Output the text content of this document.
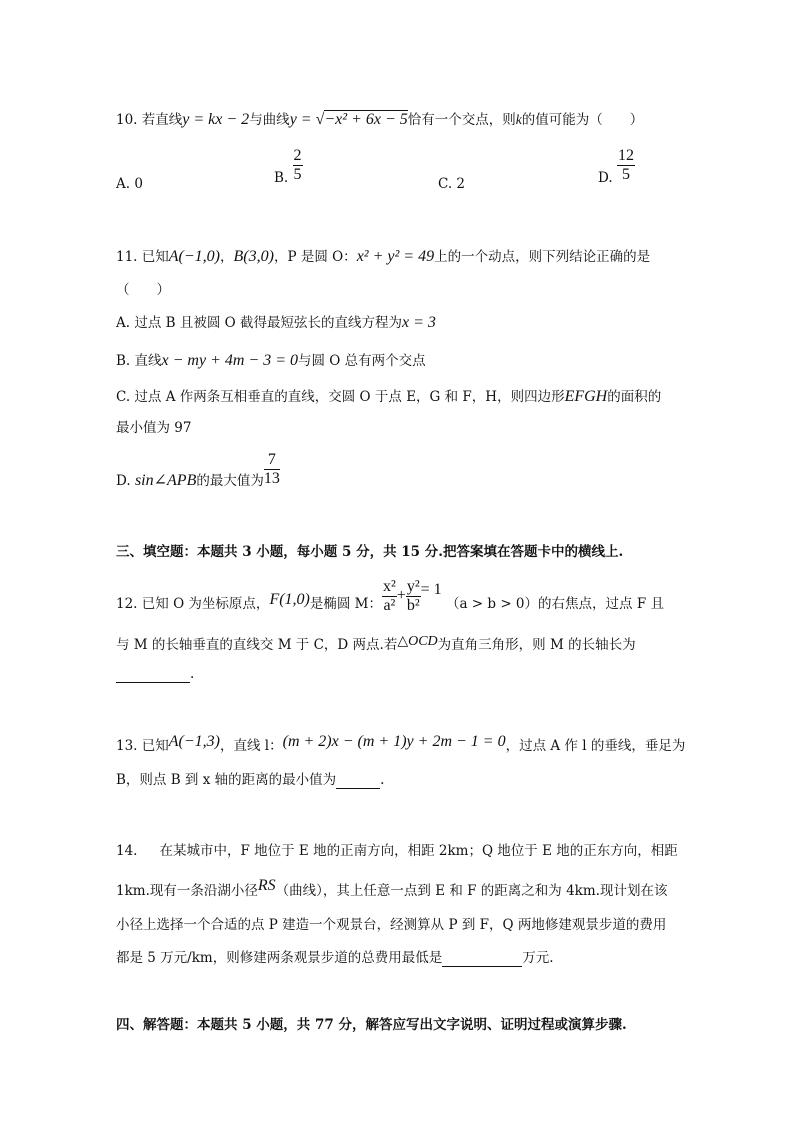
10. 若直线y = kx − 2与曲线y = √−x² + 6x − 5恰有一个交点，则k的值可能为（　　）
A. 0	B. $\frac{2}{5}$	C. 2	D. $\frac{12}{5}$
11. 已知A(−1,0)，B(3,0)，P 是圆 O：x² + y² = 49上的一个动点，则下列结论正确的是
（　　）
A. 过点 B 且被圆 O 截得最短弦长的直线方程为x = 3
B. 直线x − my + 4m − 3 = 0与圆 O 总有两个交点
C. 过点 A 作两条互相垂直的直线，交圆 O 于点 E，G 和 F，H，则四边形EFGH的面积的
最小值为 97
D. sin∠APB的最大值为 $\frac{7}{13}$
三、填空题：本题共 3 小题，每小题 5 分，共 15 分.把答案填在答题卡中的横线上.
12. 已知 O 为坐标原点，F(1,0)是椭圆 M： $\frac{\text{x²}}{\text{a²}} + \frac{\text{y²}}{\text{b²}} = 1$ （a > b > 0）的右焦点，过点 F 且
与 M 的长轴垂直的直线交 M 于 C，D 两点.若△OCD为直角三角形，则 M 的长轴长为
.
13. 已知A(−1,3)，直线 l：(m + 2)x − (m + 1)y + 2m − 1 = 0，过点 A 作 l 的垂线，垂足为
B，则点 B 到 x 轴的距离的最小值为	.
14. 在某城市中，F 地位于 E 地的正南方向，相距 2km；Q 地位于 E 地的正东方向，相距
1km.现有一条沿湖小径RS（曲线），其上任意一点到 E 和 F 的距离之和为 4km.现计划在该
小径上选择一个合适的点 P 建造一个观景台，经测算从 P 到 F，Q 两地修建观景步道的费用
都是 5 万元/km，则修建两条观景步道的总费用最低是	万元.
四、解答题：本题共 5 小题，共 77 分，解答应写出文字说明、证明过程或演算步骤.
